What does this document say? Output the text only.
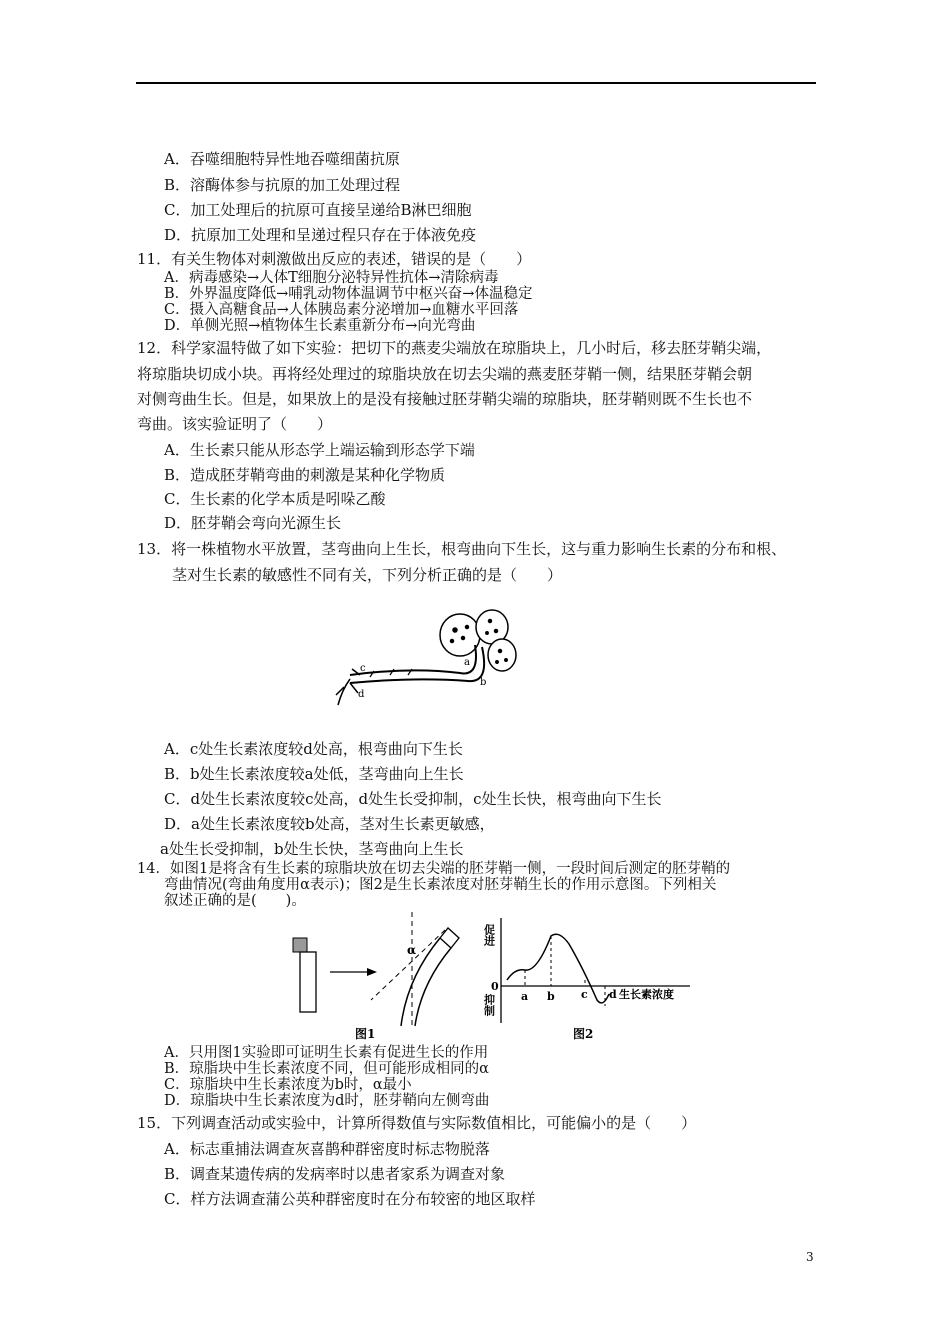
A．吞噬细胞特异性地吞噬细菌抗原
B．溶酶体参与抗原的加工处理过程
C．加工处理后的抗原可直接呈递给B淋巴细胞
D．抗原加工处理和呈递过程只存在于体液免疫
11．有关生物体对刺激做出反应的表述，错误的是（　　）
A．病毒感染→人体T细胞分泌特异性抗体→清除病毒
B．外界温度降低→哺乳动物体温调节中枢兴奋→体温稳定
C．摄入高糖食品→人体胰岛素分泌增加→血糖水平回落
D．单侧光照→植物体生长素重新分布→向光弯曲
12．科学家温特做了如下实验：把切下的燕麦尖端放在琼脂块上，几小时后，移去胚芽鞘尖端，
将琼脂块切成小块。再将经处理过的琼脂块放在切去尖端的燕麦胚芽鞘一侧，结果胚芽鞘会朝
对侧弯曲生长。但是，如果放上的是没有接触过胚芽鞘尖端的琼脂块，胚芽鞘则既不生长也不
弯曲。该实验证明了（　　）
A．生长素只能从形态学上端运输到形态学下端
B．造成胚芽鞘弯曲的刺激是某种化学物质
C．生长素的化学本质是吲哚乙酸
D．胚芽鞘会弯向光源生长
13．将一株植物水平放置，茎弯曲向上生长，根弯曲向下生长，这与重力影响生长素的分布和根、
茎对生长素的敏感性不同有关，下列分析正确的是（　　）
c
d
a
b
A．c处生长素浓度较d处高，根弯曲向下生长
B．b处生长素浓度较a处低，茎弯曲向上生长
C．d处生长素浓度较c处高，d处生长受抑制，c处生长快，根弯曲向下生长
D．a处生长素浓度较b处高，茎对生长素更敏感，
a处生长受抑制，b处生长快，茎弯曲向上生长
14．如图1是将含有生长素的琼脂块放在切去尖端的胚芽鞘一侧，一段时间后测定的胚芽鞘的
弯曲情况(弯曲角度用α表示)；图2是生长素浓度对胚芽鞘生长的作用示意图。下列相关
叙述正确的是(　　)。
α
图1
促进
抑制
0
a b c d 生长素浓度
图2
A．只用图1实验即可证明生长素有促进生长的作用
B．琼脂块中生长素浓度不同，但可能形成相同的α
C．琼脂块中生长素浓度为b时，α最小
D．琼脂块中生长素浓度为d时，胚芽鞘向左侧弯曲
15．下列调查活动或实验中，计算所得数值与实际数值相比，可能偏小的是（　　）
A．标志重捕法调查灰喜鹊种群密度时标志物脱落
B．调查某遗传病的发病率时以患者家系为调查对象
C．样方法调查蒲公英种群密度时在分布较密的地区取样
3
